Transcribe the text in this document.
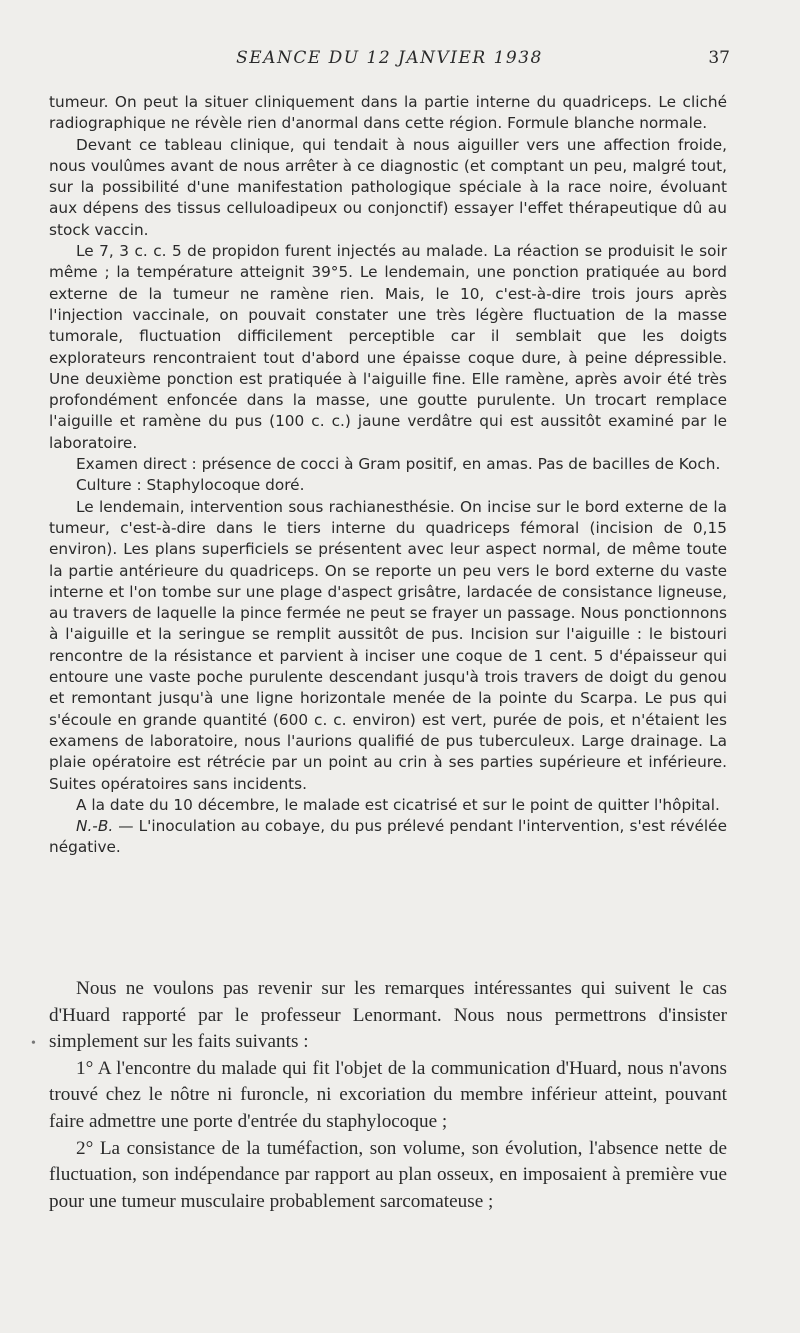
SEANCE DU 12 JANVIER 1938	37

tumeur. On peut la situer cliniquement dans la partie interne du quadriceps. Le cliché radiographique ne révèle rien d'anormal dans cette région. Formule blanche normale.

Devant ce tableau clinique, qui tendait à nous aiguiller vers une affection froide, nous voulûmes avant de nous arrêter à ce diagnostic (et comptant un peu, malgré tout, sur la possibilité d'une manifestation pathologique spéciale à la race noire, évoluant aux dépens des tissus celluloadipeux ou conjonctif) essayer l'effet thérapeutique dû au stock vaccin.

Le 7, 3 c. c. 5 de propidon furent injectés au malade. La réaction se produisit le soir même ; la température atteignit 39°5. Le lendemain, une ponction pratiquée au bord externe de la tumeur ne ramène rien. Mais, le 10, c'est-à-dire trois jours après l'injection vaccinale, on pouvait constater une très légère fluctuation de la masse tumorale, fluctuation difficilement perceptible car il semblait que les doigts explorateurs rencontraient tout d'abord une épaisse coque dure, à peine dépressible. Une deuxième ponction est pratiquée à l'aiguille fine. Elle ramène, après avoir été très profondément enfoncée dans la masse, une goutte purulente. Un trocart remplace l'aiguille et ramène du pus (100 c. c.) jaune verdâtre qui est aussitôt examiné par le laboratoire.

Examen direct : présence de cocci à Gram positif, en amas. Pas de bacilles de Koch.

Culture : Staphylocoque doré.

Le lendemain, intervention sous rachianesthésie. On incise sur le bord externe de la tumeur, c'est-à-dire dans le tiers interne du quadriceps fémoral (incision de 0,15 environ). Les plans superficiels se présentent avec leur aspect normal, de même toute la partie antérieure du quadriceps. On se reporte un peu vers le bord externe du vaste interne et l'on tombe sur une plage d'aspect grisâtre, lardacée de consistance ligneuse, au travers de laquelle la pince fermée ne peut se frayer un passage. Nous ponctionnons à l'aiguille et la seringue se remplit aussitôt de pus. Incision sur l'aiguille : le bistouri rencontre de la résistance et parvient à inciser une coque de 1 cent. 5 d'épaisseur qui entoure une vaste poche purulente descendant jusqu'à trois travers de doigt du genou et remontant jusqu'à une ligne horizontale menée de la pointe du Scarpa. Le pus qui s'écoule en grande quantité (600 c. c. environ) est vert, purée de pois, et n'étaient les examens de laboratoire, nous l'aurions qualifié de pus tuberculeux. Large drainage. La plaie opératoire est rétrécie par un point au crin à ses parties supérieure et inférieure. Suites opératoires sans incidents.

A la date du 10 décembre, le malade est cicatrisé et sur le point de quitter l'hôpital.

N.-B. — L'inoculation au cobaye, du pus prélevé pendant l'intervention, s'est révélée négative.

•

Nous ne voulons pas revenir sur les remarques intéressantes qui suivent le cas d'Huard rapporté par le professeur Lenormant. Nous nous permettrons d'insister simplement sur les faits suivants :

1° A l'encontre du malade qui fit l'objet de la communication d'Huard, nous n'avons trouvé chez le nôtre ni furoncle, ni excoriation du membre inférieur atteint, pouvant faire admettre une porte d'entrée du staphylocoque ;

2° La consistance de la tuméfaction, son volume, son évolution, l'absence nette de fluctuation, son indépendance par rapport au plan osseux, en imposaient à première vue pour une tumeur musculaire probablement sarcomateuse ;
